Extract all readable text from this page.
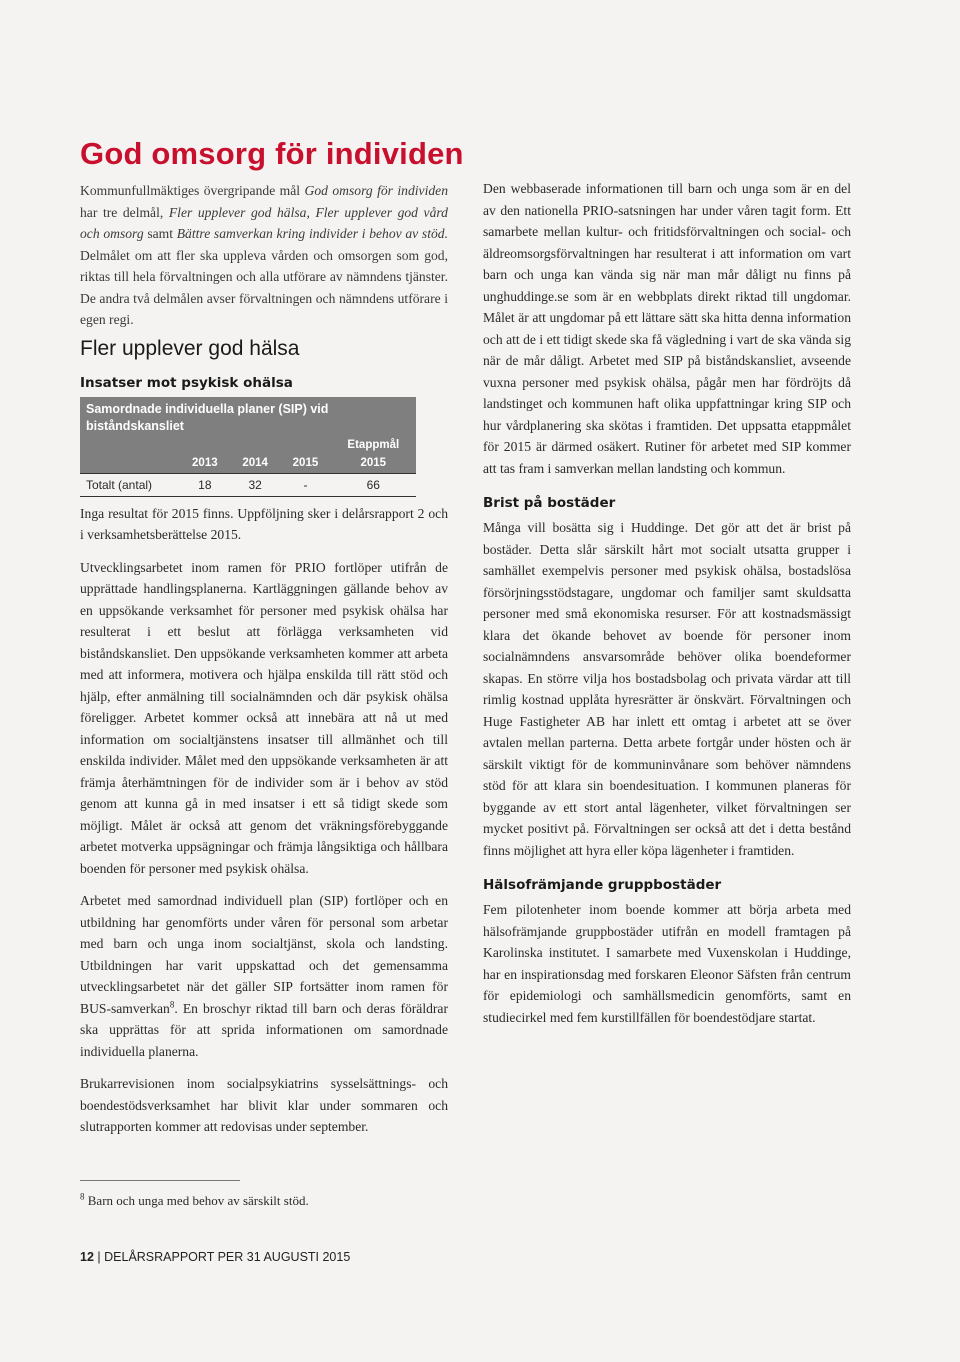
God omsorg för individen

Kommunfullmäktiges övergripande mål God omsorg för individen har tre delmål, Fler upplever god hälsa, Fler upplever god vård och omsorg samt Bättre samverkan kring individer i behov av stöd. Delmålet om att fler ska uppleva vården och omsorgen som god, riktas till hela förvaltningen och alla utförare av nämndens tjänster. De andra två delmålen avser förvaltningen och nämndens utförare i egen regi.

Fler upplever god hälsa
Insatser mot psykisk ohälsa
Samordnade individuella planer (SIP) vid biståndskansliet				
				Etappmål
	2013	2014	2015	2015
Totalt (antal)	18	32	-	66

Inga resultat för 2015 finns. Uppföljning sker i delårsrapport 2 och i verksamhetsberättelse 2015.

Utvecklingsarbetet inom ramen för PRIO fortlöper utifrån de upprättade handlingsplanerna. Kartläggningen gällande behov av en uppsökande verksamhet för personer med psykisk ohälsa har resulterat i ett beslut att förlägga verksamheten vid biståndskansliet. Den uppsökande verksamheten kommer att arbeta med att informera, motivera och hjälpa enskilda till rätt stöd och hjälp, efter anmälning till socialnämnden och där psykisk ohälsa föreligger. Arbetet kommer också att innebära att nå ut med information om socialtjänstens insatser till allmänhet och till enskilda individer. Målet med den uppsökande verksamheten är att främja återhämtningen för de individer som är i behov av stöd genom att kunna gå in med insatser i ett så tidigt skede som möjligt. Målet är också att genom det vräkningsförebyggande arbetet motverka uppsägningar och främja långsiktiga och hållbara boenden för personer med psykisk ohälsa.

Arbetet med samordnad individuell plan (SIP) fortlöper och en utbildning har genomförts under våren för personal som arbetar med barn och unga inom socialtjänst, skola och landsting. Utbildningen har varit uppskattad och det gemensamma utvecklingsarbetet när det gäller SIP fortsätter inom ramen för BUS-samverkan$^8$. En broschyr riktad till barn och deras föräldrar ska upprättas för att sprida informationen om samordnade individuella planerna.

Brukarrevisionen inom socialpsykiatrins sysselsättnings- och boendestödsverksamhet har blivit klar under sommaren och slutrapporten kommer att redovisas under september.

Den webbaserade informationen till barn och unga som är en del av den nationella PRIO-satsningen har under våren tagit form. Ett samarbete mellan kultur- och fritidsförvaltningen och social- och äldreomsorgsförvaltningen har resulterat i att information om vart barn och unga kan vända sig när man mår dåligt nu finns på unghuddinge.se som är en webbplats direkt riktad till ungdomar. Målet är att ungdomar på ett lättare sätt ska hitta denna information och att de i ett tidigt skede ska få vägledning i vart de ska vända sig när de mår dåligt. Arbetet med SIP på biståndskansliet, avseende vuxna personer med psykisk ohälsa, pågår men har fördröjts då landstinget och kommunen haft olika uppfattningar kring SIP och hur vårdplanering ska skötas i framtiden. Det uppsatta etappmålet för 2015 är därmed osäkert. Rutiner för arbetet med SIP kommer att tas fram i samverkan mellan landsting och kommun.

Brist på bostäder

Många vill bosätta sig i Huddinge. Det gör att det är brist på bostäder. Detta slår särskilt hårt mot socialt utsatta grupper i samhället exempelvis personer med psykisk ohälsa, bostadslösa försörjningsstödstagare, ungdomar och familjer samt skuldsatta personer med små ekonomiska resurser. För att kostnadsmässigt klara det ökande behovet av boende för personer inom socialnämndens ansvarsområde behöver olika boendeformer skapas. En större vilja hos bostadsbolag och privata värdar att till rimlig kostnad upplåta hyresrätter är önskvärt. Förvaltningen och Huge Fastigheter AB har inlett ett omtag i arbetet att se över avtalen mellan parterna. Detta arbete fortgår under hösten och är särskilt viktigt för de kommuninvånare som behöver nämndens stöd för att klara sin boendesituation. I kommunen planeras för byggande av ett stort antal lägenheter, vilket förvaltningen ser mycket positivt på. Förvaltningen ser också att det i detta bestånd finns möjlighet att hyra eller köpa lägenheter i framtiden.

Hälsofrämjande gruppbostäder

Fem pilotenheter inom boende kommer att börja arbeta med hälsofrämjande gruppbostäder utifrån en modell framtagen på Karolinska institutet. I samarbete med Vuxenskolan i Huddinge, har en inspirationsdag med forskaren Eleonor Säfsten från centrum för epidemiologi och samhällsmedicin genomförts, samt en studiecirkel med fem kurstillfällen för boendestödjare startat.

$^8$ Barn och unga med behov av särskilt stöd.
12 | DELÅRSRAPPORT PER 31 AUGUSTI 2015
